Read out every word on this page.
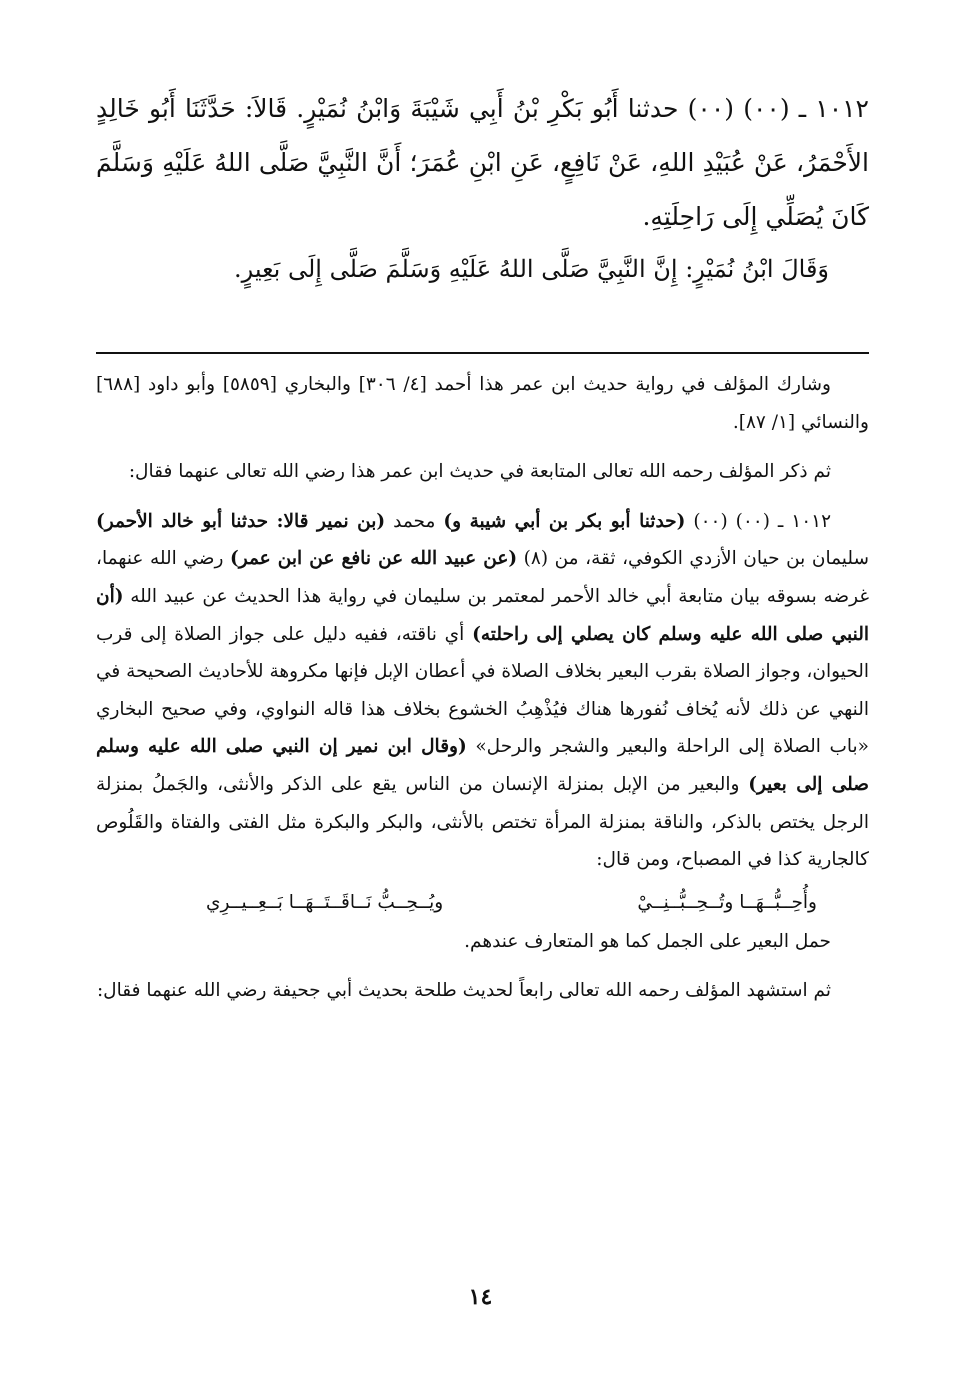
١٠١٢ ـ (٠٠) (٠٠) حدثنا أَبُو بَكْرِ بْنُ أَبِي شَيْبَةَ وَابْنُ نُمَيْرٍ. قَالاَ: حَدَّثَنَا أَبُو خَالِدٍ الأَحْمَرُ، عَنْ عُبَيْدِ اللهِ، عَنْ نَافِعٍ، عَنِ ابْنِ عُمَرَ؛ أَنَّ النَّبِيَّ صَلَّى اللهُ عَلَيْهِ وَسَلَّمَ كَانَ يُصَلِّي إِلَى رَاحِلَتِهِ.

وَقَالَ ابْنُ نُمَيْرٍ: إِنَّ النَّبِيَّ صَلَّى اللهُ عَلَيْهِ وَسَلَّمَ صَلَّى إِلَى بَعِيرٍ.

وشارك المؤلف في رواية حديث ابن عمر هذا أحمد [٤/ ٣٠٦] والبخاري [٥٨٥٩] وأبو داود [٦٨٨] والنسائي [١/ ٨٧].

ثم ذكر المؤلف رحمه الله تعالى المتابعة في حديث ابن عمر هذا رضي الله تعالى عنهما فقال:

١٠١٢ ـ (٠٠) (٠٠) (حدثنا أبو بكر بن أبي شيبة و) محمد (بن نمير قالا: حدثنا أبو خالد الأحمر) سليمان بن حيان الأزدي الكوفي، ثقة، من (٨) (عن عبيد الله عن نافع عن ابن عمر) رضي الله عنهما، غرضه بسوقه بيان متابعة أبي خالد الأحمر لمعتمر بن سليمان في رواية هذا الحديث عن عبيد الله (أن النبي صلى الله عليه وسلم كان يصلي إلى راحلته) أي ناقته، ففيه دليل على جواز الصلاة إلى قرب الحيوان، وجواز الصلاة بقرب البعير بخلاف الصلاة في أعطان الإبل فإنها مكروهة للأحاديث الصحيحة في النهي عن ذلك لأنه يُخاف نُفورها هناك فيُذْهِبُ الخشوع بخلاف هذا قاله النواوي، وفي صحيح البخاري «باب الصلاة إلى الراحلة والبعير والشجر والرحل» (وقال ابن نمير إن النبي صلى الله عليه وسلم صلى إلى بعير) والبعير من الإبل بمنزلة الإنسان من الناس يقع على الذكر والأنثى، والجَملُ بمنزلة الرجل يختص بالذكر، والناقة بمنزلة المرأة تختص بالأنثى، والبكر والبكرة مثل الفتى والفتاة والقَلُوص كالجارية كذا في المصباح، ومن قال:

وأُحِــبُّــهَــا وتُــحِــبُّــنِــيْ
ويُــحِــبُّ نَــاقَــتَــهَــا بَــعِــيــرِي

حمل البعير على الجمل كما هو المتعارف عندهم.

ثم استشهد المؤلف رحمه الله تعالى رابعاً لحديث طلحة بحديث أبي جحيفة رضي الله عنهما فقال:

١٤
